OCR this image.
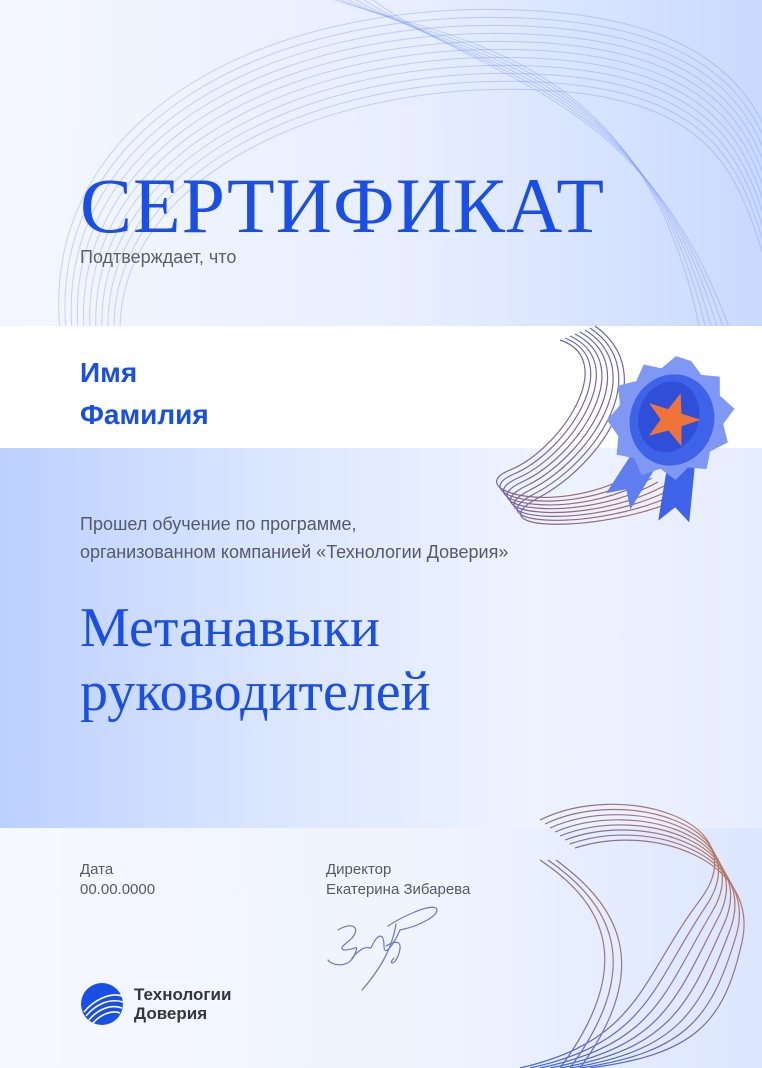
СЕРТИФИКАТ
Подтверждает, что
Имя
Фамилия
Прошел обучение по программе,
организованном компанией «Технологии Доверия»
Метанавыки
руководителей
Дата
00.00.0000
Директор
Екатерина Зибарева
Технологии
Доверия
